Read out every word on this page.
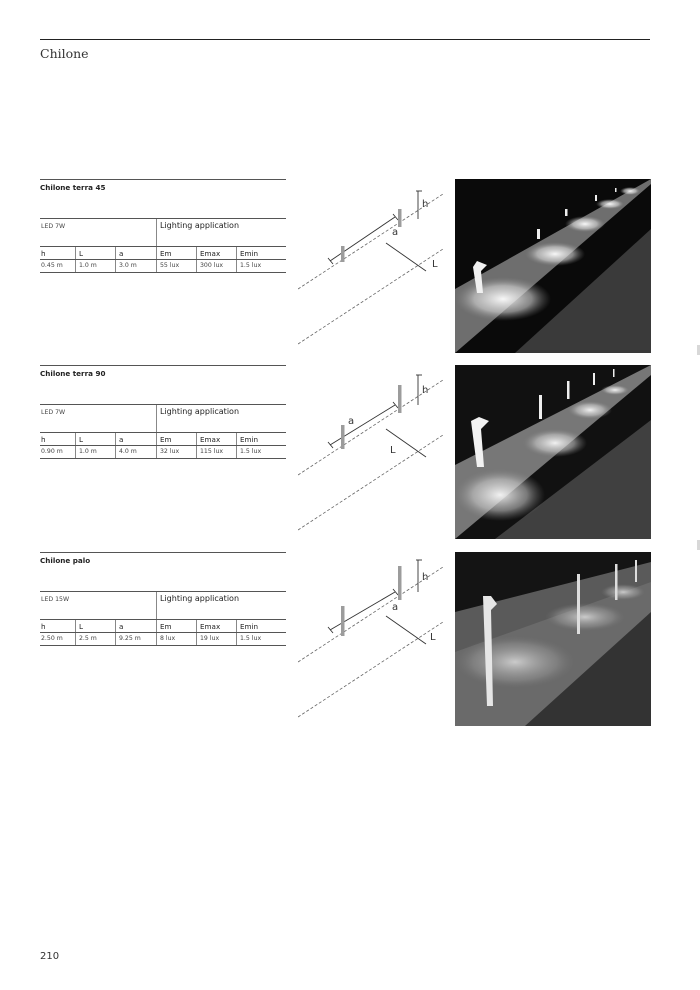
Chilone
Chilone terra 45
LED 7W	Lighting application
h	L	a	Em	Emax	Emin
0.45 m	1.0 m	3.0 m	55 lux	300 lux	1.5 lux
a
h
L
Chilone terra 90
LED 7W	Lighting application
h	L	a	Em	Emax	Emin
0.90 m	1.0 m	4.0 m	32 lux	115 lux	1.5 lux
a
h
L
Chilone palo
LED 15W	Lighting application
h	L	a	Em	Emax	Emin
2.50 m	2.5 m	9.25 m	8 lux	19 lux	1.5 lux
a
h
L
210
